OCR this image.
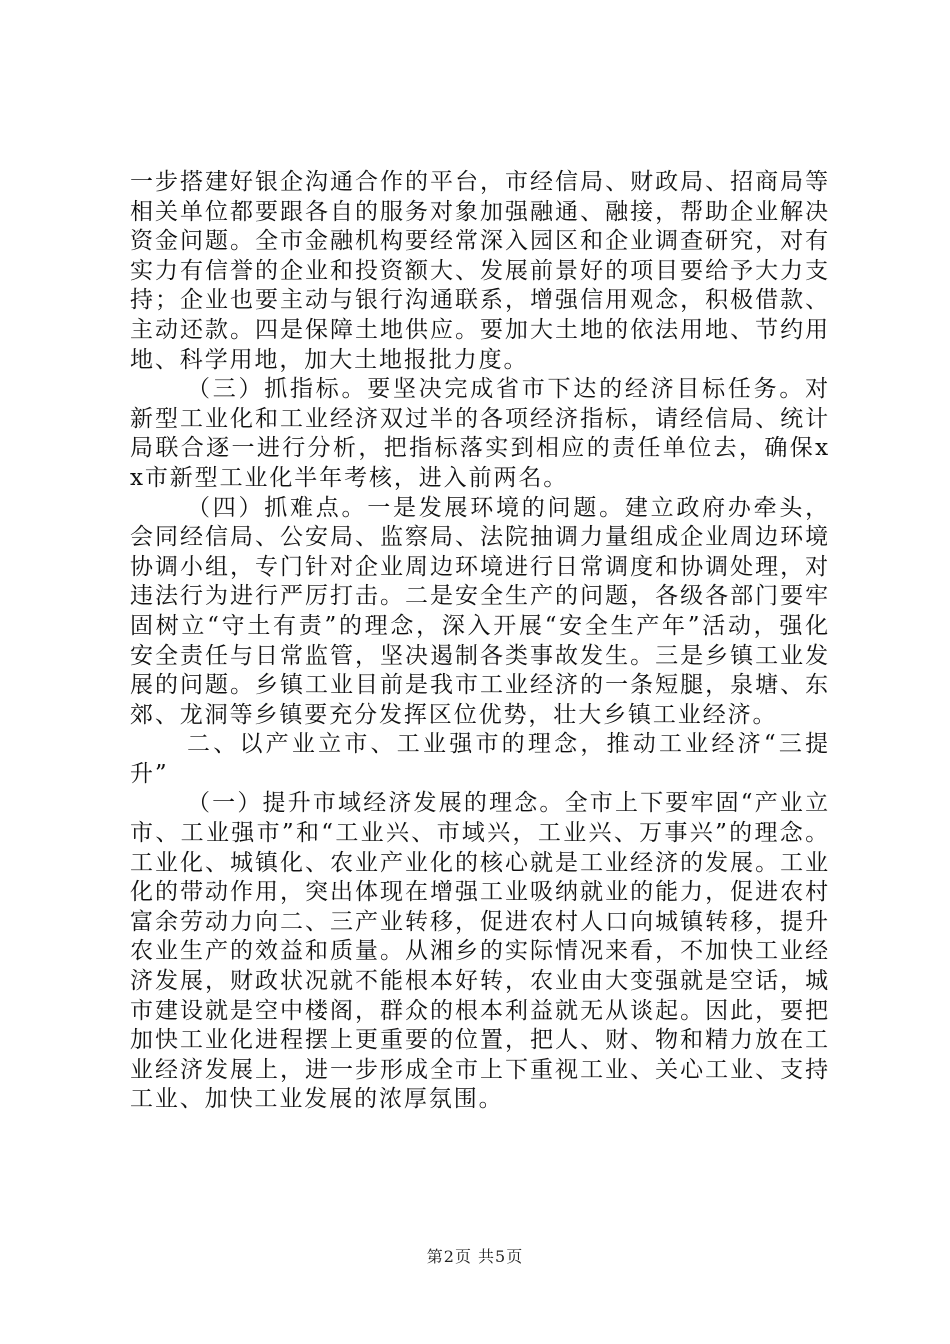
一步搭建好银企沟通合作的平台，市经信局、财政局、招商局等相关单位都要跟各自的服务对象加强融通、融接，帮助企业解决资金问题。全市金融机构要经常深入园区和企业调查研究，对有实力有信誉的企业和投资额大、发展前景好的项目要给予大力支持；企业也要主动与银行沟通联系，增强信用观念，积极借款、主动还款。四是保障土地供应。要加大土地的依法用地、节约用地、科学用地，加大土地报批力度。

（三）抓指标。要坚决完成省市下达的经济目标任务。对新型工业化和工业经济双过半的各项经济指标，请经信局、统计局联合逐一进行分析，把指标落实到相应的责任单位去，确保xx市新型工业化半年考核，进入前两名。

（四）抓难点。一是发展环境的问题。建立政府办牵头，会同经信局、公安局、监察局、法院抽调力量组成企业周边环境协调小组，专门针对企业周边环境进行日常调度和协调处理，对违法行为进行严厉打击。二是安全生产的问题，各级各部门要牢固树立“守土有责”的理念，深入开展“安全生产年”活动，强化安全责任与日常监管，坚决遏制各类事故发生。三是乡镇工业发展的问题。乡镇工业目前是我市工业经济的一条短腿，泉塘、东郊、龙洞等乡镇要充分发挥区位优势，壮大乡镇工业经济。

二、以产业立市、工业强市的理念，推动工业经济“三提升”

（一）提升市域经济发展的理念。全市上下要牢固“产业立市、工业强市”和“工业兴、市域兴，工业兴、万事兴”的理念。工业化、城镇化、农业产业化的核心就是工业经济的发展。工业化的带动作用，突出体现在增强工业吸纳就业的能力，促进农村富余劳动力向二、三产业转移，促进农村人口向城镇转移，提升农业生产的效益和质量。从湘乡的实际情况来看，不加快工业经济发展，财政状况就不能根本好转，农业由大变强就是空话，城市建设就是空中楼阁，群众的根本利益就无从谈起。因此，要把加快工业化进程摆上更重要的位置，把人、财、物和精力放在工业经济发展上，进一步形成全市上下重视工业、关心工业、支持工业、加快工业发展的浓厚氛围。

第2页 共5页
